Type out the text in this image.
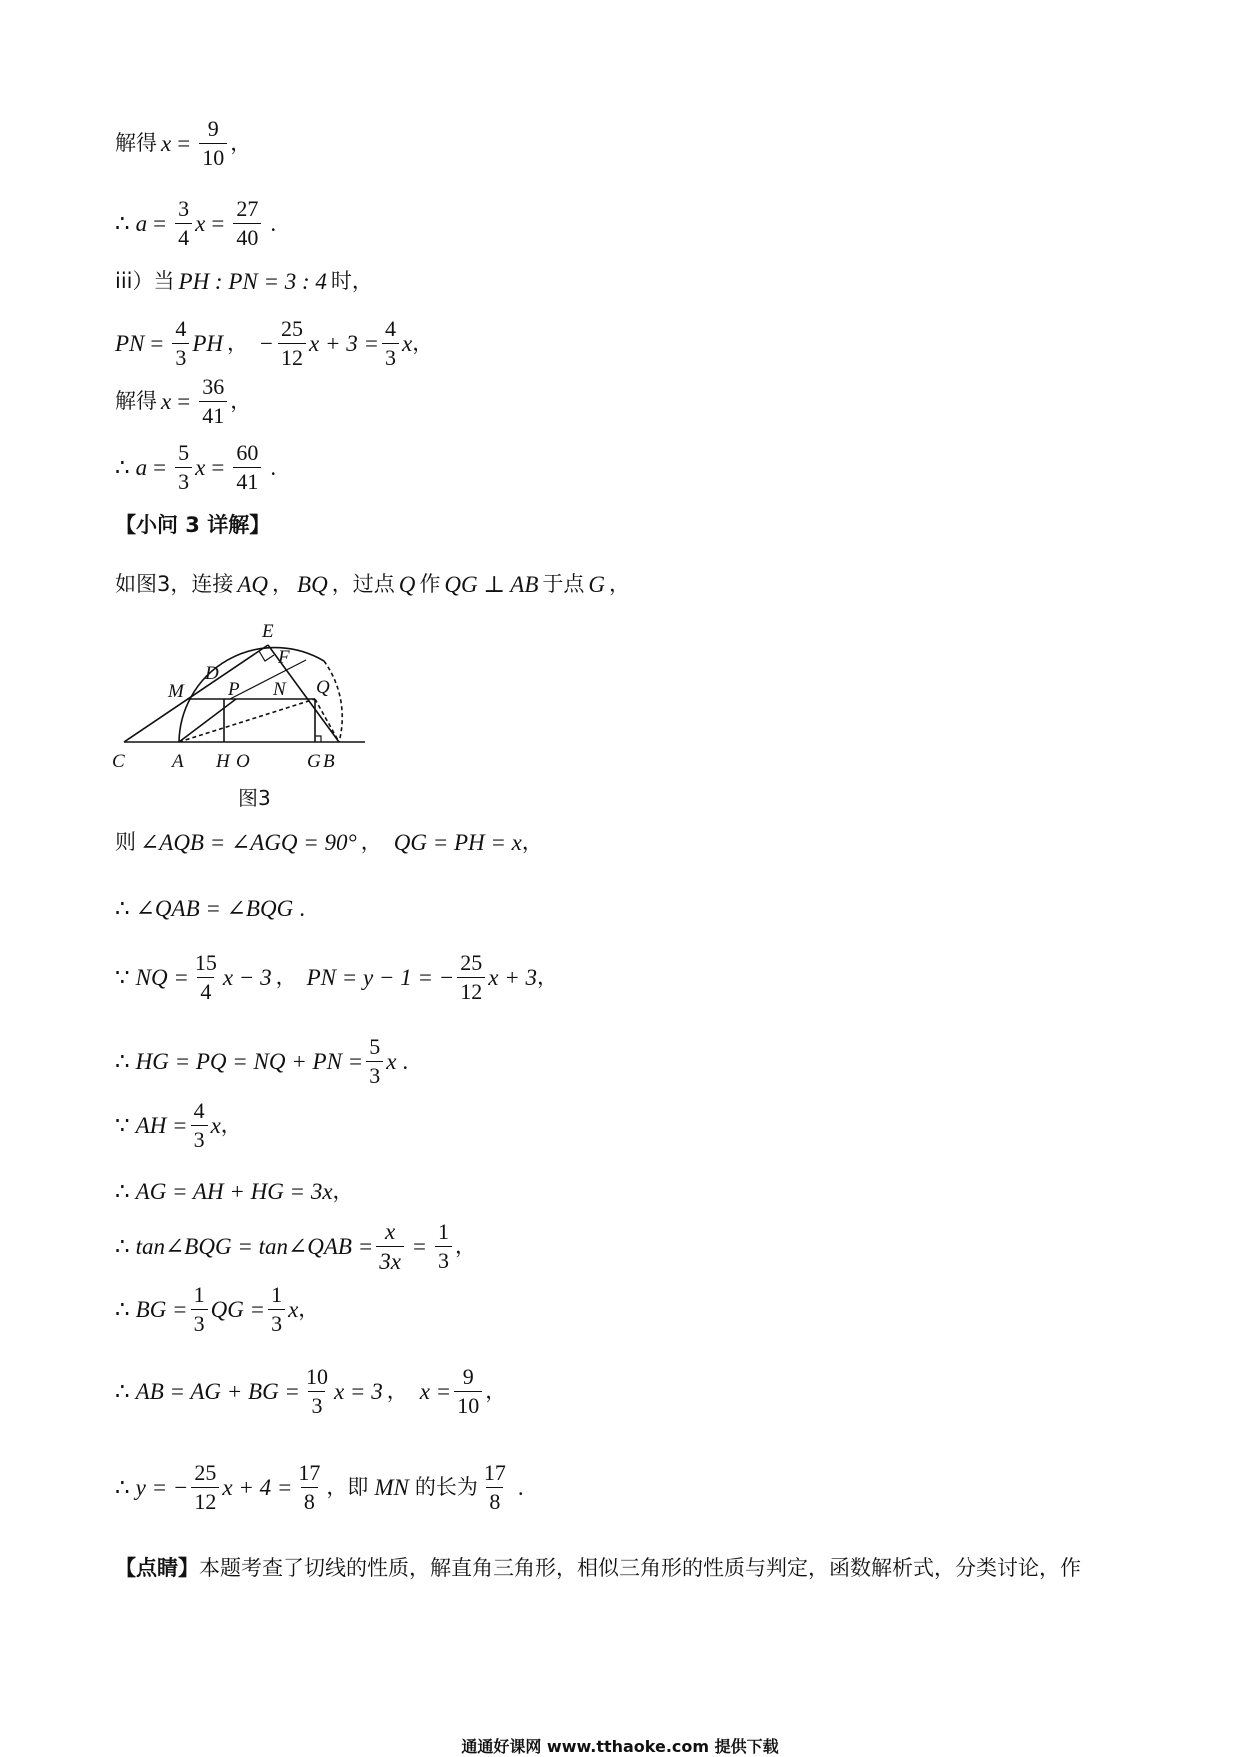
解得 $x = \frac{9}{10}$ ，
∴ $a = \frac{3}{4}$ $x = \frac{27}{40}$ .
iii）当 PH : PN = 3 : 4 时，
PN = $\frac{4}{3}$ PH ， − $\frac{25}{12}$ $x + 3 = \frac{4}{3}$ x ，
解得 $x = \frac{36}{41}$ ，
∴ $a = \frac{5}{3}$ $x = \frac{60}{41}$ .
【小问 3 详解】
如图3，连接 AQ ， BQ ，过点 Q 作 QG ⊥ AB 于点 G ，
E
D
F
M P N Q
C A H O	G B
图3
则 ∠AQB = ∠AGQ = 90° ， QG = PH = x ，
∴ ∠QAB = ∠BQG .
∵ NQ = $\frac{15}{4}$ x − 3 ， PN = y − 1 = − $\frac{25}{12}$ x + 3 ，
∴ HG = PQ = NQ + PN = $\frac{5}{3}$ x .
∵ AH = $\frac{4}{3}$ x ，
∴ AG = AH + HG = 3x ，
∴ tan∠BQG = tan∠QAB = $\frac{x}{3x} = \frac{1}{3}$ ，
∴ BG = $\frac{1}{3}$ QG = $\frac{1}{3}$ x ，
∴ AB = AG + BG = $\frac{10}{3}$ x = 3 ， $x = \frac{9}{10}$ ，
∴ y = − $\frac{25}{12}$ $x + 4 = \frac{17}{8}$ ，即 MN 的长为 $\frac{17}{8}$ .
【点睛】 本题考查了切线的性质，解直角三角形，相似三角形的性质与判定，函数解析式，分类讨论，作
通通好课网 www.tthaoke.com 提供下载
